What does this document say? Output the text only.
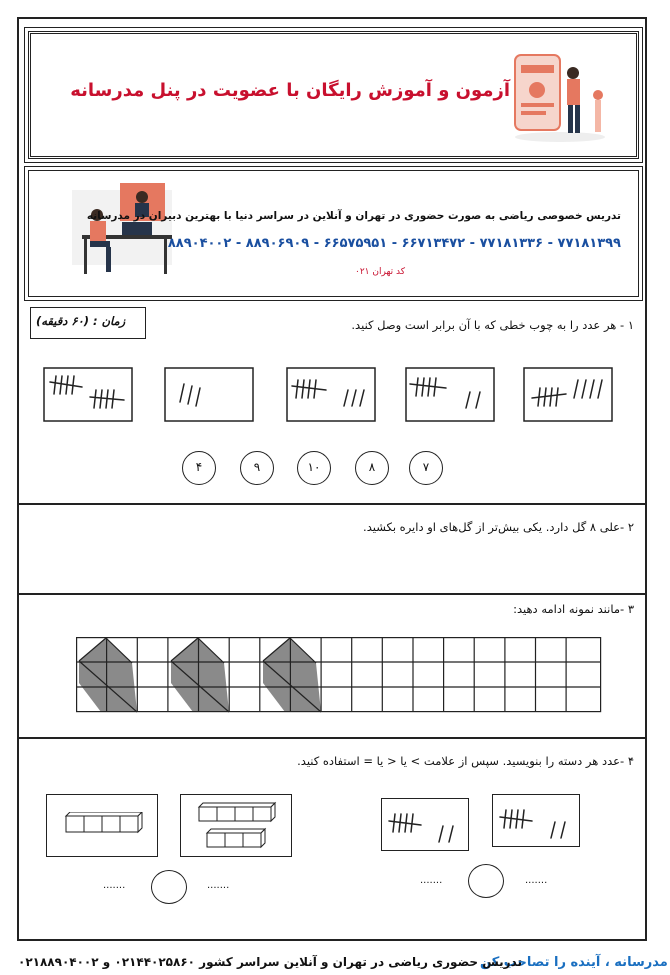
آزمون و آموزش رایگان با عضویت در پنل مدرسانه
تدریس خصوصی ریاضی به صورت حضوری در تهران و آنلاین در سراسر دنیا با بهترین دبیران در مدرسانه
۷۷۱۸۱۳۹۹ - ۷۷۱۸۱۳۳۶ - ۶۶۷۱۳۴۷۲ - ۶۶۵۷۵۹۵۱ - ۸۸۹۰۶۹۰۹ - ۸۸۹۰۴۰۰۲
کد تهران ۰۲۱
زمان : (۶۰ دقیقه)	۱ - هر عدد را به چوب خطی که با آن برابر است وصل کنید.
۴	۹	۱۰	۸	۷
۲ -علی ۸ گل دارد. یکی بیش‌تر از گل‌های او دایره بکشید.
۳ -مانند نمونه ادامه دهید:
۴ -عدد هر دسته را بنویسید. سپس از علامت > یا < یا = استفاده کنید.
.......	.......	.......	.......
مدرسانه ، آینده را تصاحب کن
تدریس حضوری ریاضی در تهران و آنلاین سراسر کشور ۰۲۱۴۴۰۲۵۸۶۰ و ۰۲۱۸۸۹۰۴۰۰۲
